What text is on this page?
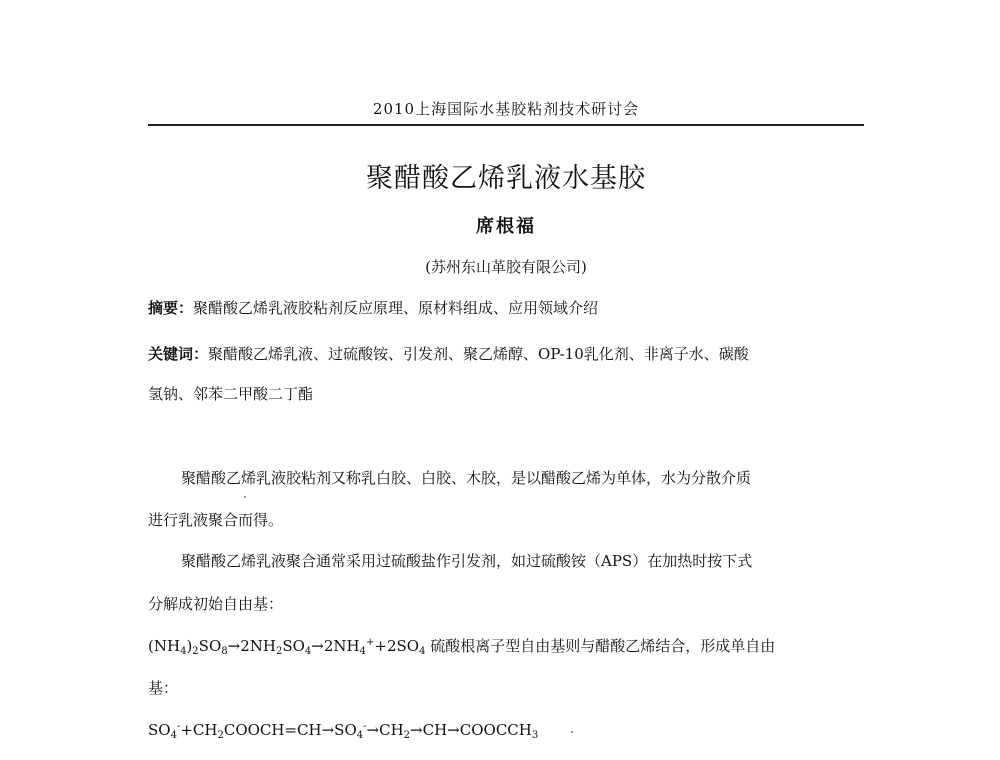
2010上海国际水基胶粘剂技术研讨会
聚醋酸乙烯乳液水基胶
席根福
(苏州东山革胶有限公司)
摘要：聚醋酸乙烯乳液胶粘剂反应原理、原材料组成、应用领域介绍
关键词：聚醋酸乙烯乳液、过硫酸铵、引发剂、聚乙烯醇、OP-10乳化剂、非离子水、碳酸
氢钠、邻苯二甲酸二丁酯
聚醋酸乙烯乳液胶粘剂又称乳白胶、白胶、木胶，是以醋酸乙烯为单体，水为分散介质
进行乳液聚合而得。
聚醋酸乙烯乳液聚合通常采用过硫酸盐作引发剂，如过硫酸铵（APS）在加热时按下式
分解成初始自由基：
$(NH_4)_2SO_8\to 2NH_2SO_4\to 2NH_4^++2SO_4$ 硫酸根离子型自由基则与醋酸乙烯结合，形成单自由
基：
$SO_4^-+CH_2COOCH=CH\to SO_4^-\to CH_2\to CH\to COOCCH_3$
